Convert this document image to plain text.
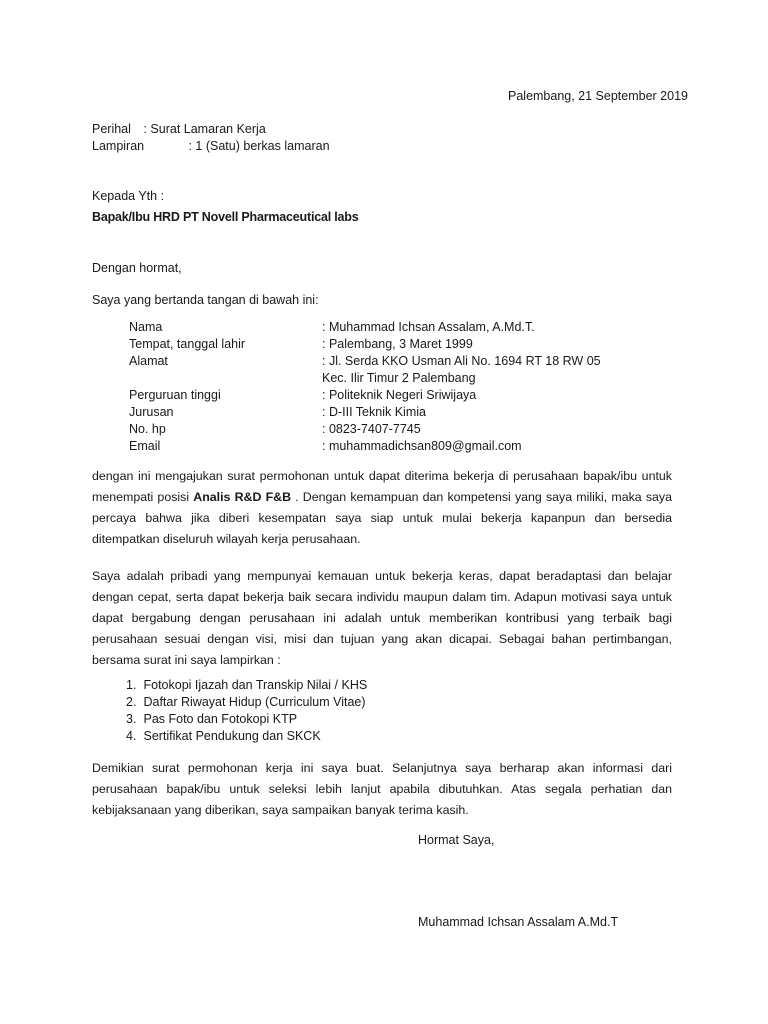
Palembang, 21 September 2019
Perihal : Surat Lamaran Kerja
Lampiran	: 1 (Satu) berkas lamaran
Kepada Yth :
Bapak/Ibu HRD PT Novell Pharmaceutical labs
Dengan hormat,
Saya yang bertanda tangan di bawah ini:
Nama	: Muhammad Ichsan Assalam, A.Md.T.
Tempat, tanggal lahir	: Palembang, 3 Maret 1999
Alamat	: Jl. Serda KKO Usman Ali No. 1694 RT 18 RW 05
Kec. Ilir Timur 2 Palembang
Perguruan tinggi	: Politeknik Negeri Sriwijaya
Jurusan	: D-III Teknik Kimia
No. hp	: 0823-7407-7745
Email	: muhammadichsan809@gmail.com
dengan ini mengajukan surat permohonan untuk dapat diterima bekerja di perusahaan bapak/ibu untuk menempati posisi Analis R&D F&B . Dengan kemampuan dan kompetensi yang saya miliki, maka saya percaya bahwa jika diberi kesempatan saya siap untuk mulai bekerja kapanpun dan bersedia ditempatkan diseluruh wilayah kerja perusahaan.
Saya adalah pribadi yang mempunyai kemauan untuk bekerja keras, dapat beradaptasi dan belajar dengan cepat, serta dapat bekerja baik secara individu maupun dalam tim. Adapun motivasi saya untuk dapat bergabung dengan perusahaan ini adalah untuk memberikan kontribusi yang terbaik bagi perusahaan sesuai dengan visi, misi dan tujuan yang akan dicapai. Sebagai bahan pertimbangan, bersama surat ini saya lampirkan :
1. Fotokopi Ijazah dan Transkip Nilai / KHS
2. Daftar Riwayat Hidup (Curriculum Vitae)
3. Pas Foto dan Fotokopi KTP
4. Sertifikat Pendukung dan SKCK
Demikian surat permohonan kerja ini saya buat. Selanjutnya saya berharap akan informasi dari perusahaan bapak/ibu untuk seleksi lebih lanjut apabila dibutuhkan. Atas segala perhatian dan kebijaksanaan yang diberikan, saya sampaikan banyak terima kasih.
Hormat Saya,
Muhammad Ichsan Assalam A.Md.T
